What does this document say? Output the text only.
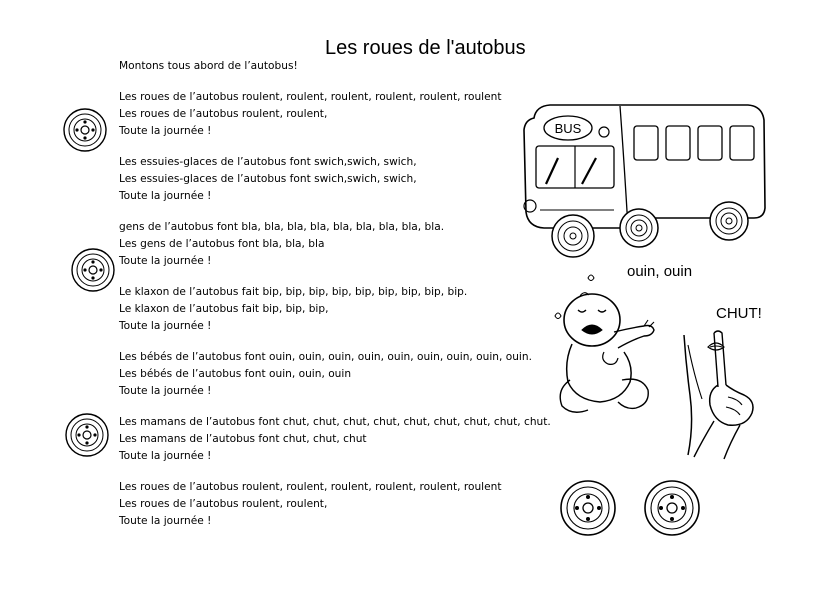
Les roues de l'autobus
Montons tous abord de l’autobus!
Les roues de l’autobus roulent, roulent, roulent, roulent, roulent, roulent
Les roues de l’autobus roulent, roulent,
Toute la journée !
Les essuies-glaces de l’autobus font swich,swich, swich,
Les essuies-glaces de l’autobus font swich,swich, swich,
Toute la journée !
gens de l’autobus font bla, bla, bla, bla, bla, bla, bla, bla, bla.
Les gens de l’autobus font bla, bla, bla
Toute la journée !
Le klaxon de l’autobus fait bip, bip, bip, bip, bip, bip, bip, bip, bip.
Le klaxon de l’autobus fait bip, bip, bip,
Toute la journée !
Les bébés de l’autobus font ouin, ouin, ouin, ouin, ouin, ouin, ouin, ouin, ouin.
Les bébés de l’autobus font ouin, ouin, ouin
Toute la journée !
Les mamans de l’autobus font chut, chut, chut, chut, chut, chut, chut, chut, chut.
Les mamans de l’autobus font chut, chut, chut
Toute la journée !
Les roues de l’autobus roulent, roulent, roulent, roulent, roulent, roulent
Les roues de l’autobus roulent, roulent,
Toute la journée !
BUS
ouin, ouin
CHUT!
